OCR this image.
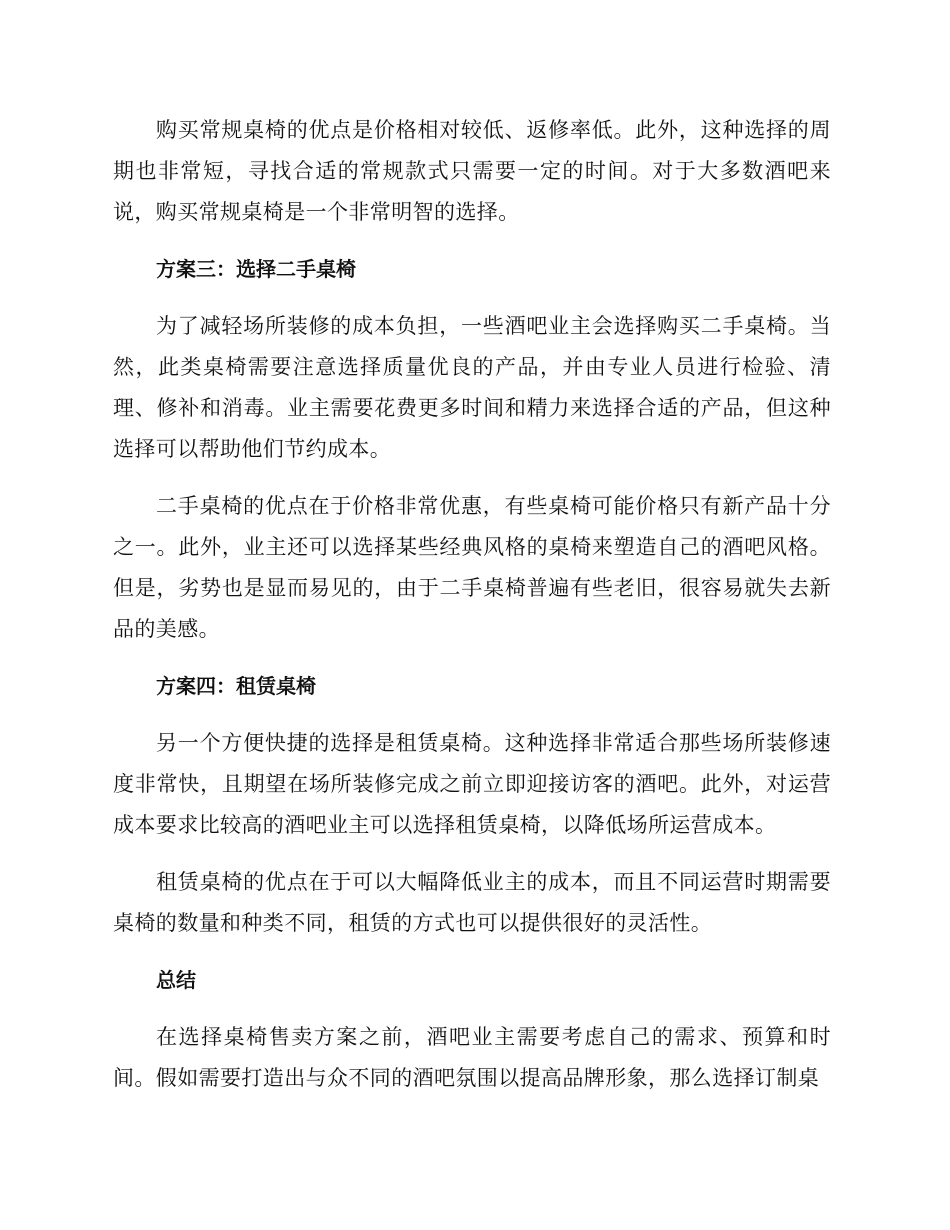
购买常规桌椅的优点是价格相对较低、返修率低。此外，这种选择的周期也非常短，寻找合适的常规款式只需要一定的时间。对于大多数酒吧来说，购买常规桌椅是一个非常明智的选择。

方案三：选择二手桌椅

为了减轻场所装修的成本负担，一些酒吧业主会选择购买二手桌椅。当然，此类桌椅需要注意选择质量优良的产品，并由专业人员进行检验、清理、修补和消毒。业主需要花费更多时间和精力来选择合适的产品，但这种选择可以帮助他们节约成本。

二手桌椅的优点在于价格非常优惠，有些桌椅可能价格只有新产品十分之一。此外，业主还可以选择某些经典风格的桌椅来塑造自己的酒吧风格。但是，劣势也是显而易见的，由于二手桌椅普遍有些老旧，很容易就失去新品的美感。

方案四：租赁桌椅

另一个方便快捷的选择是租赁桌椅。这种选择非常适合那些场所装修速度非常快，且期望在场所装修完成之前立即迎接访客的酒吧。此外，对运营成本要求比较高的酒吧业主可以选择租赁桌椅，以降低场所运营成本。

租赁桌椅的优点在于可以大幅降低业主的成本，而且不同运营时期需要桌椅的数量和种类不同，租赁的方式也可以提供很好的灵活性。

总结

在选择桌椅售卖方案之前，酒吧业主需要考虑自己的需求、预算和时间。假如需要打造出与众不同的酒吧氛围以提高品牌形象，那么选择订制桌
